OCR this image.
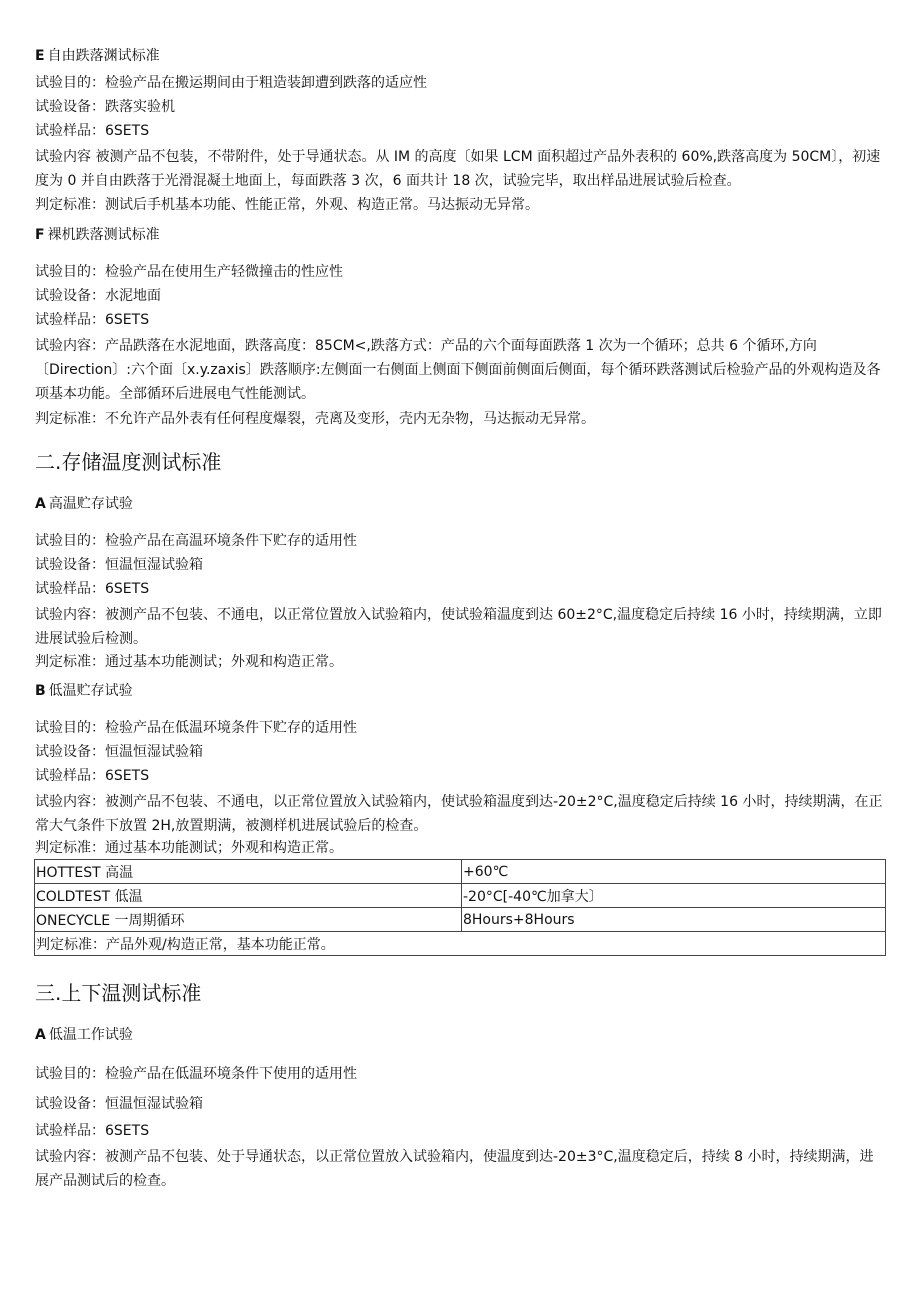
E 自由跌落渊试标准
试验目的：检验产品在搬运期间由于粗造装卸遭到跌落的适应性
试验设备：跌落实验机
试验样品：6SETS
试验内容 被测产品不包装，不带附件，处于导通状态。从 IM 的高度〔如果 LCM 面积超过产品外表积的 60%,跌落高度为 50CM〕，初速度为 0 并自由跌落于光滑混凝土地面上，每面跌落 3 次，6 面共计 18 次，试验完毕，取出样品进展试验后检查。
判定标准：测试后手机基本功能、性能正常，外观、构造正常。马达振动无异常。
F 裸机跌落测试标准
试验目的：检验产品在使用生产轻微撞击的性应性
试验设备：水泥地面
试验样品：6SETS
试验内容：产品跌落在水泥地面，跌落高度：85CM<,跌落方式：产品的六个面每面跌落 1 次为一个循环；总共 6 个循环,方向〔Direction〕:六个面〔x.y.zaxis〕跌落顺序:左侧面一右侧面上侧面下侧面前侧面后侧面，每个循环跌落测试后检验产品的外观构造及各项基本功能。全部循环后进展电气性能测试。
判定标准：不允许产品外表有任何程度爆裂，壳离及变形，壳内无杂物，马达振动无异常。
二.存储温度测试标准
A 高温贮存试验
试验目的：检验产品在高温环境条件下贮存的适用性
试验设备：恒温恒湿试验箱
试验样品：6SETS
试验内容：被测产品不包装、不通电，以正常位置放入试验箱内，使试验箱温度到达 60±2°C,温度稳定后持续 16 小时，持续期满，立即进展试验后检测。
判定标准：通过基本功能测试；外观和构造正常。
B 低温贮存试验
试验目的：检验产品在低温环境条件下贮存的适用性
试验设备：恒温恒湿试验箱
试验样品：6SETS
试验内容：被测产品不包装、不通电，以正常位置放入试验箱内，使试验箱温度到达-20±2°C,温度稳定后持续 16 小时，持续期满，在正常大气条件下放置 2H,放置期满，被测样机进展试验后的检查。
判定标准：通过基本功能测试；外观和构造正常。
HOTTEST 高温	+60℃
COLDTEST 低温	-20°C[-40℃加拿大〕
ONECYCLE 一周期循环	8Hours+8Hours
判定标准：产品外观/构造正常，基本功能正常。	
三.上下温测试标准
A 低温工作试验
试验目的：检验产品在低温环境条件下使用的适用性
试验设备：恒温恒湿试验箱
试验样品：6SETS
试验内容：被测产品不包装、处于导通状态，以正常位置放入试验箱内，使温度到达-20±3°C,温度稳定后，持续 8 小时，持续期满，进展产品测试后的检查。
